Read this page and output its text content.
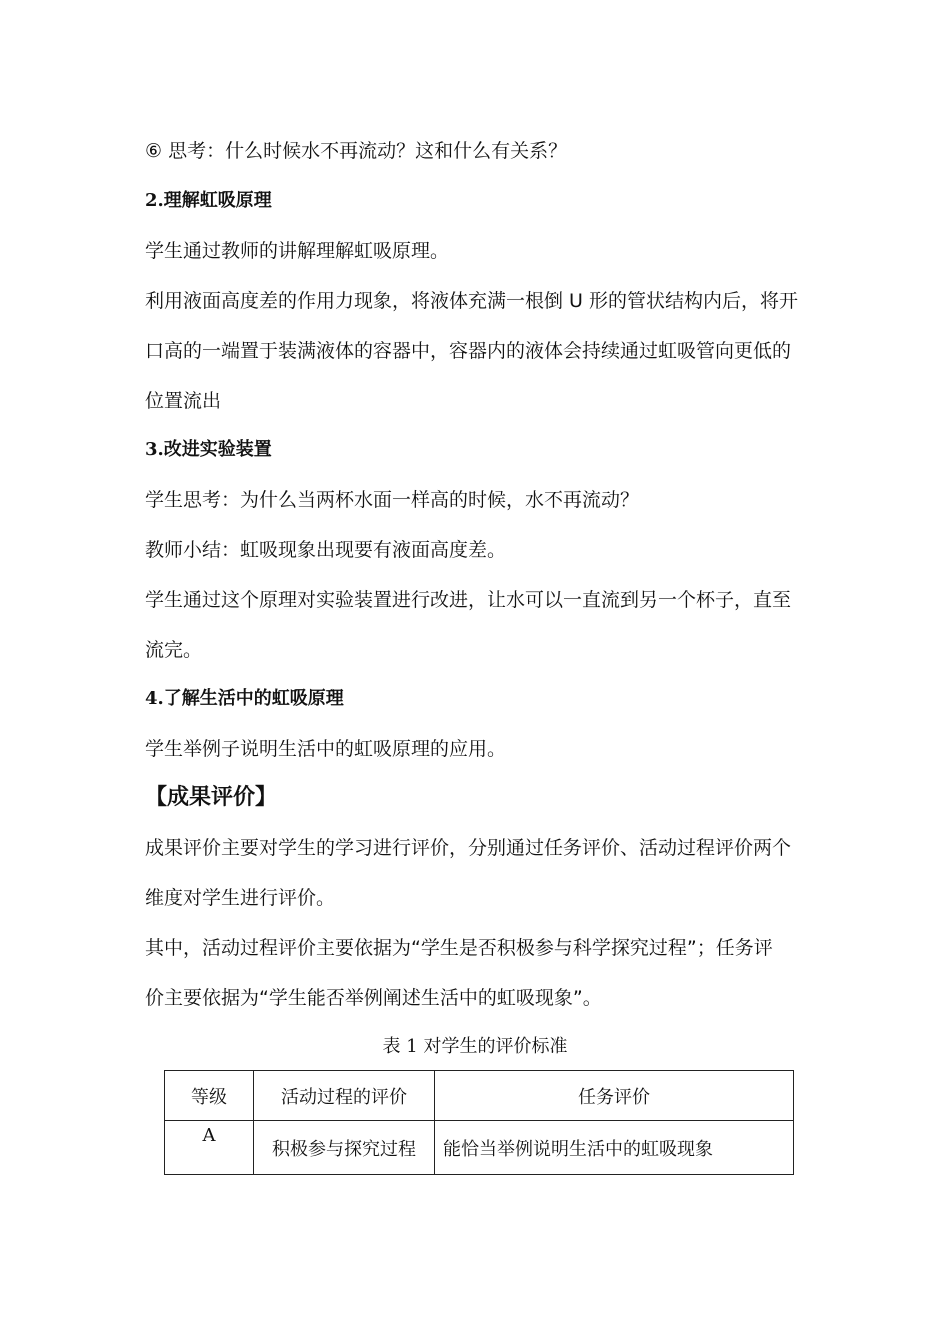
⑥ 思考：什么时候水不再流动？这和什么有关系？
2.理解虹吸原理
学生通过教师的讲解理解虹吸原理。
利用液面高度差的作用力现象，将液体充满一根倒 U 形的管状结构内后，将开
口高的一端置于装满液体的容器中，容器内的液体会持续通过虹吸管向更低的
位置流出
3.改进实验装置
学生思考：为什么当两杯水面一样高的时候，水不再流动？
教师小结：虹吸现象出现要有液面高度差。
学生通过这个原理对实验装置进行改进，让水可以一直流到另一个杯子，直至
流完。
4.了解生活中的虹吸原理
学生举例子说明生活中的虹吸原理的应用。
【成果评价】
成果评价主要对学生的学习进行评价，分别通过任务评价、活动过程评价两个
维度对学生进行评价。
其中，活动过程评价主要依据为“学生是否积极参与科学探究过程”；任务评
价主要依据为“学生能否举例阐述生活中的虹吸现象”。
表 1 对学生的评价标准
等级	活动过程的评价	任务评价
A	积极参与探究过程	能恰当举例说明生活中的虹吸现象
